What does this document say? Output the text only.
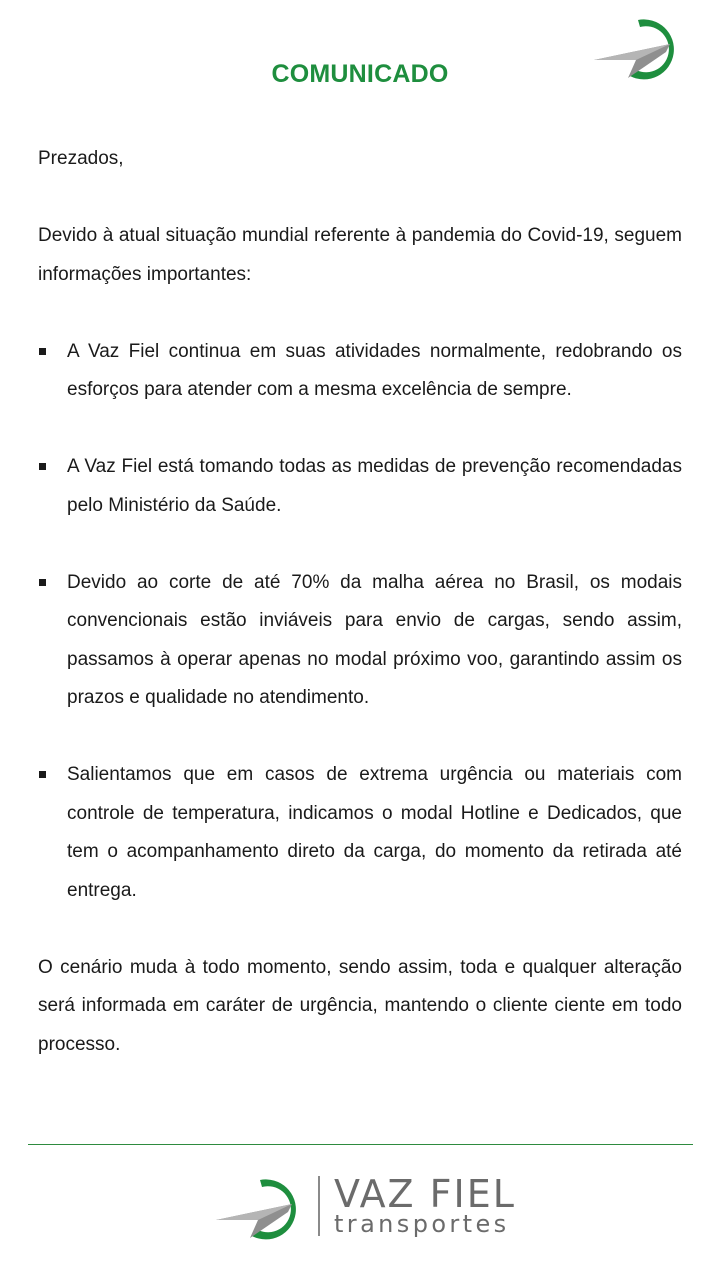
COMUNICADO

Prezados,

Devido à atual situação mundial referente à pandemia do Covid-19, seguem informações importantes:

A Vaz Fiel continua em suas atividades normalmente, redobrando os esforços para atender com a mesma excelência de sempre.
A Vaz Fiel está tomando todas as medidas de prevenção recomendadas pelo Ministério da Saúde.
Devido ao corte de até 70% da malha aérea no Brasil, os modais convencionais estão inviáveis para envio de cargas, sendo assim, passamos à operar apenas no modal próximo voo, garantindo assim os prazos e qualidade no atendimento.
Salientamos que em casos de extrema urgência ou materiais com controle de temperatura, indicamos o modal Hotline e Dedicados, que tem o acompanhamento direto da carga, do momento da retirada até entrega.

O cenário muda à todo momento, sendo assim, toda e qualquer alteração será informada em caráter de urgência, mantendo o cliente ciente em todo processo.

VAZ FIEL
transportes
